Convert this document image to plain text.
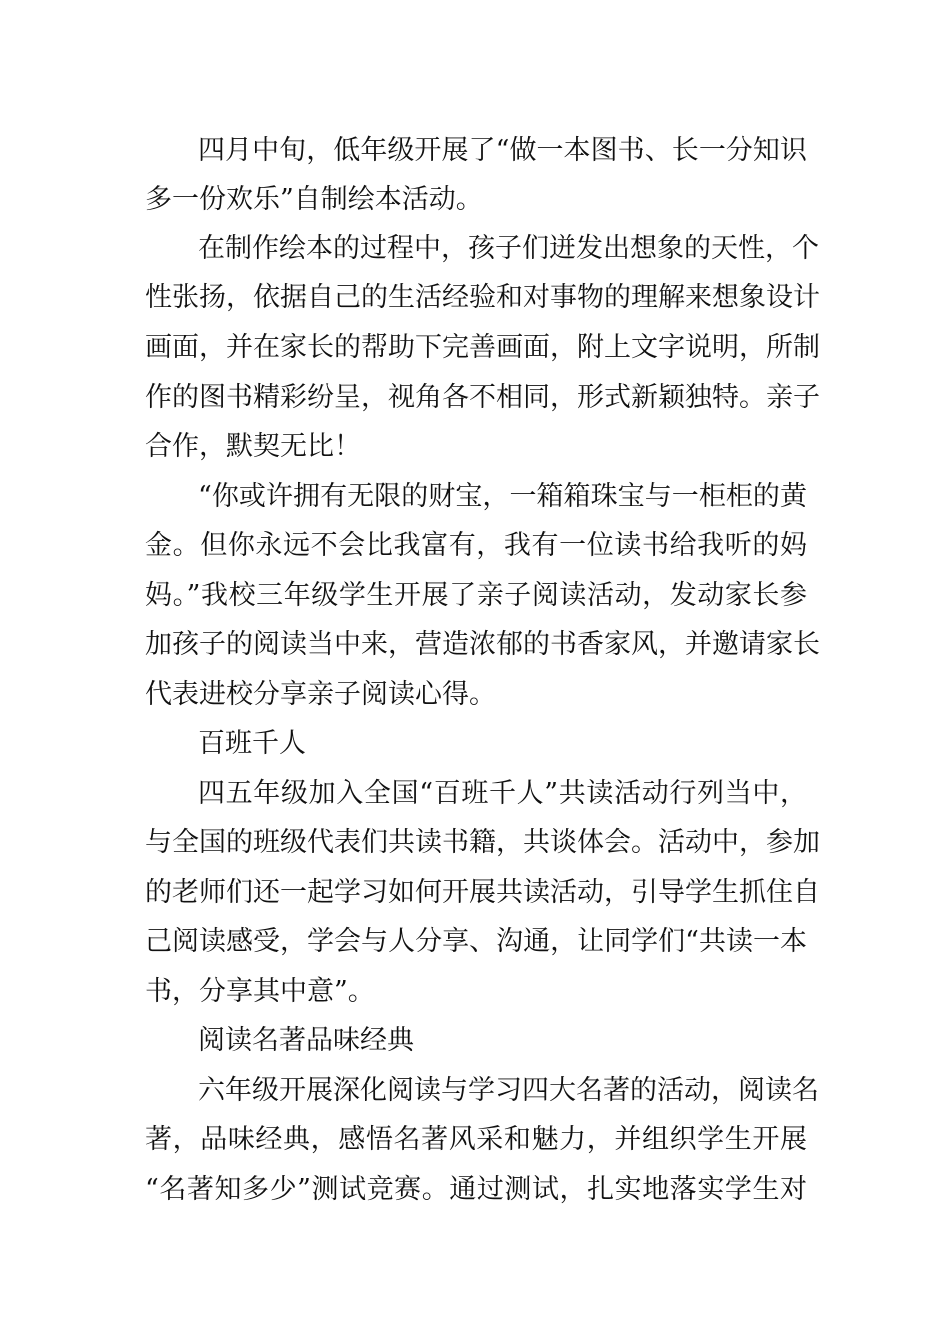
四月中旬，低年级开展了“做一本图书、长一分知识
多一份欢乐”自制绘本活动。
在制作绘本的过程中，孩子们迸发出想象的天性，个
性张扬，依据自己的生活经验和对事物的理解来想象设计
画面，并在家长的帮助下完善画面，附上文字说明，所制
作的图书精彩纷呈，视角各不相同，形式新颖独特。亲子
合作，默契无比！
“你或许拥有无限的财宝，一箱箱珠宝与一柜柜的黄
金。但你永远不会比我富有，我有一位读书给我听的妈
妈。”我校三年级学生开展了亲子阅读活动，发动家长参
加孩子的阅读当中来，营造浓郁的书香家风，并邀请家长
代表进校分享亲子阅读心得。
百班千人
四五年级加入全国“百班千人”共读活动行列当中，
与全国的班级代表们共读书籍，共谈体会。活动中，参加
的老师们还一起学习如何开展共读活动，引导学生抓住自
己阅读感受，学会与人分享、沟通，让同学们“共读一本
书，分享其中意”。
阅读名著品味经典
六年级开展深化阅读与学习四大名著的活动，阅读名
著，品味经典，感悟名著风采和魅力，并组织学生开展
“名著知多少”测试竞赛。通过测试，扎实地落实学生对
